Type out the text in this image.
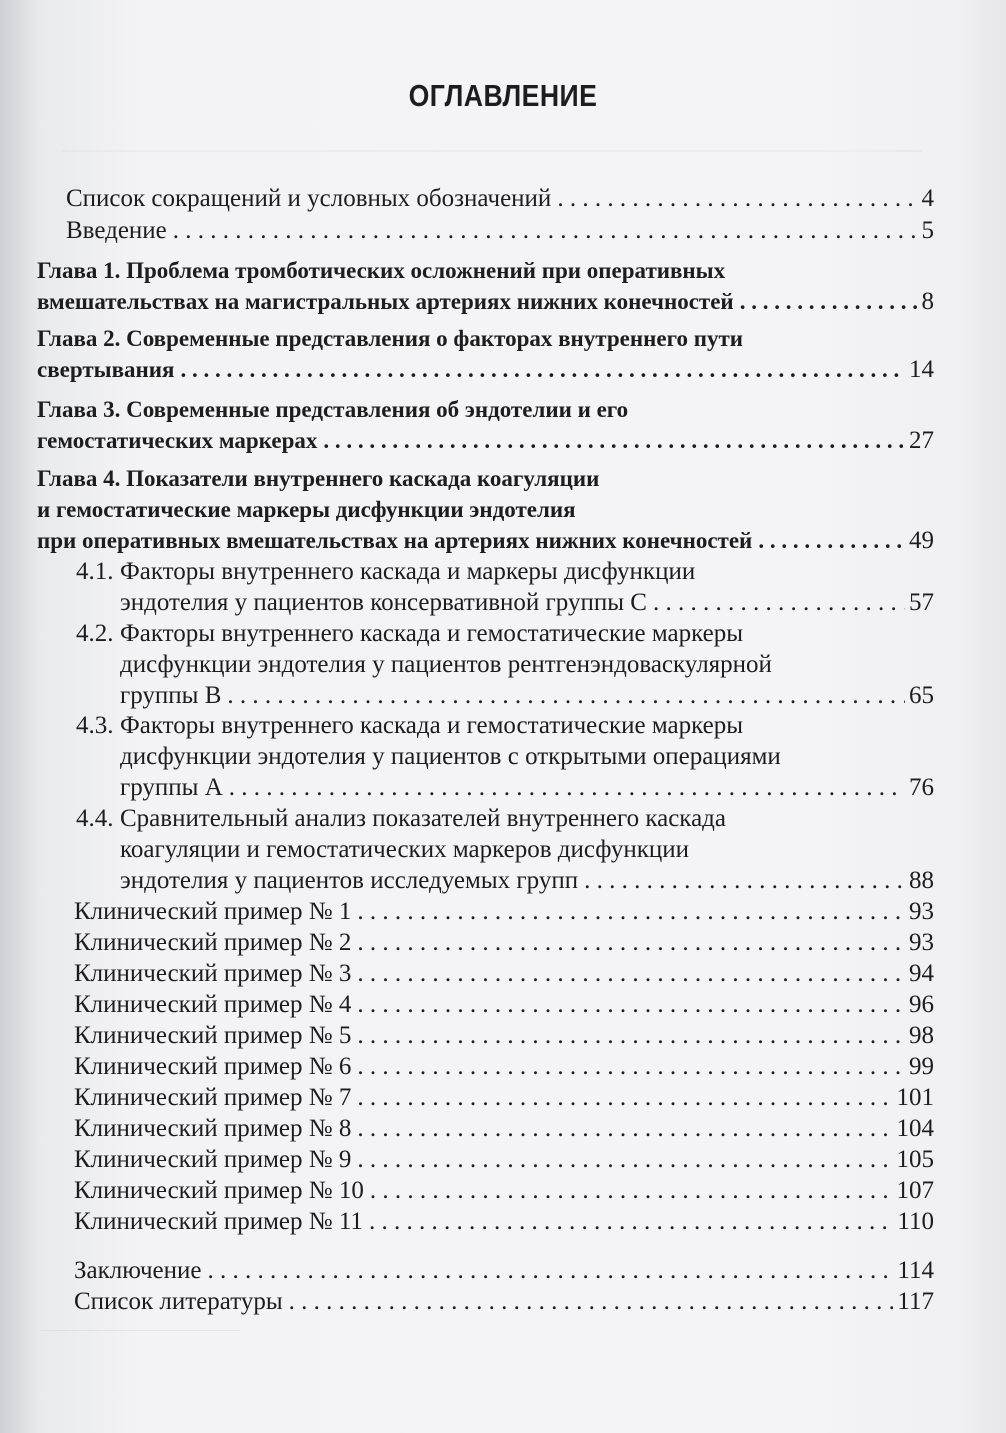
ОГЛАВЛЕНИЕ
Список сокращений и условных обозначений . . .	4
Введение . . .	5
Глава 1. Проблема тромботических осложнений при оперативных
вмешательствах на магистральных артериях нижних конечностей . . .	8
Глава 2. Современные представления о факторах внутреннего пути
свертывания . . .	14
Глава 3. Современные представления об эндотелии и его
гемостатических маркерах . . .	27
Глава 4. Показатели внутреннего каскада коагуляции
и гемостатические маркеры дисфункции эндотелия
при оперативных вмешательствах на артериях нижних конечностей . . .	49
4.1. Факторы внутреннего каскада и маркеры дисфункции
эндотелия у пациентов консервативной группы С . . .	57
4.2. Факторы внутреннего каскада и гемостатические маркеры
дисфункции эндотелия у пациентов рентгенэндоваскулярной
группы В . . .	65
4.3. Факторы внутреннего каскада и гемостатические маркеры
дисфункции эндотелия у пациентов с открытыми операциями
группы А . . .	76
4.4. Сравнительный анализ показателей внутреннего каскада
коагуляции и гемостатических маркеров дисфункции
эндотелия у пациентов исследуемых групп . . .	88
Клинический пример № 1 . . .	93
Клинический пример № 2 . . .	93
Клинический пример № 3 . . .	94
Клинический пример № 4 . . .	96
Клинический пример № 5 . . .	98
Клинический пример № 6 . . .	99
Клинический пример № 7 . . .	101
Клинический пример № 8 . . .	104
Клинический пример № 9 . . .	105
Клинический пример № 10 . . .	107
Клинический пример № 11 . . .	110
Заключение . . .	114
Список литературы . . .	117
